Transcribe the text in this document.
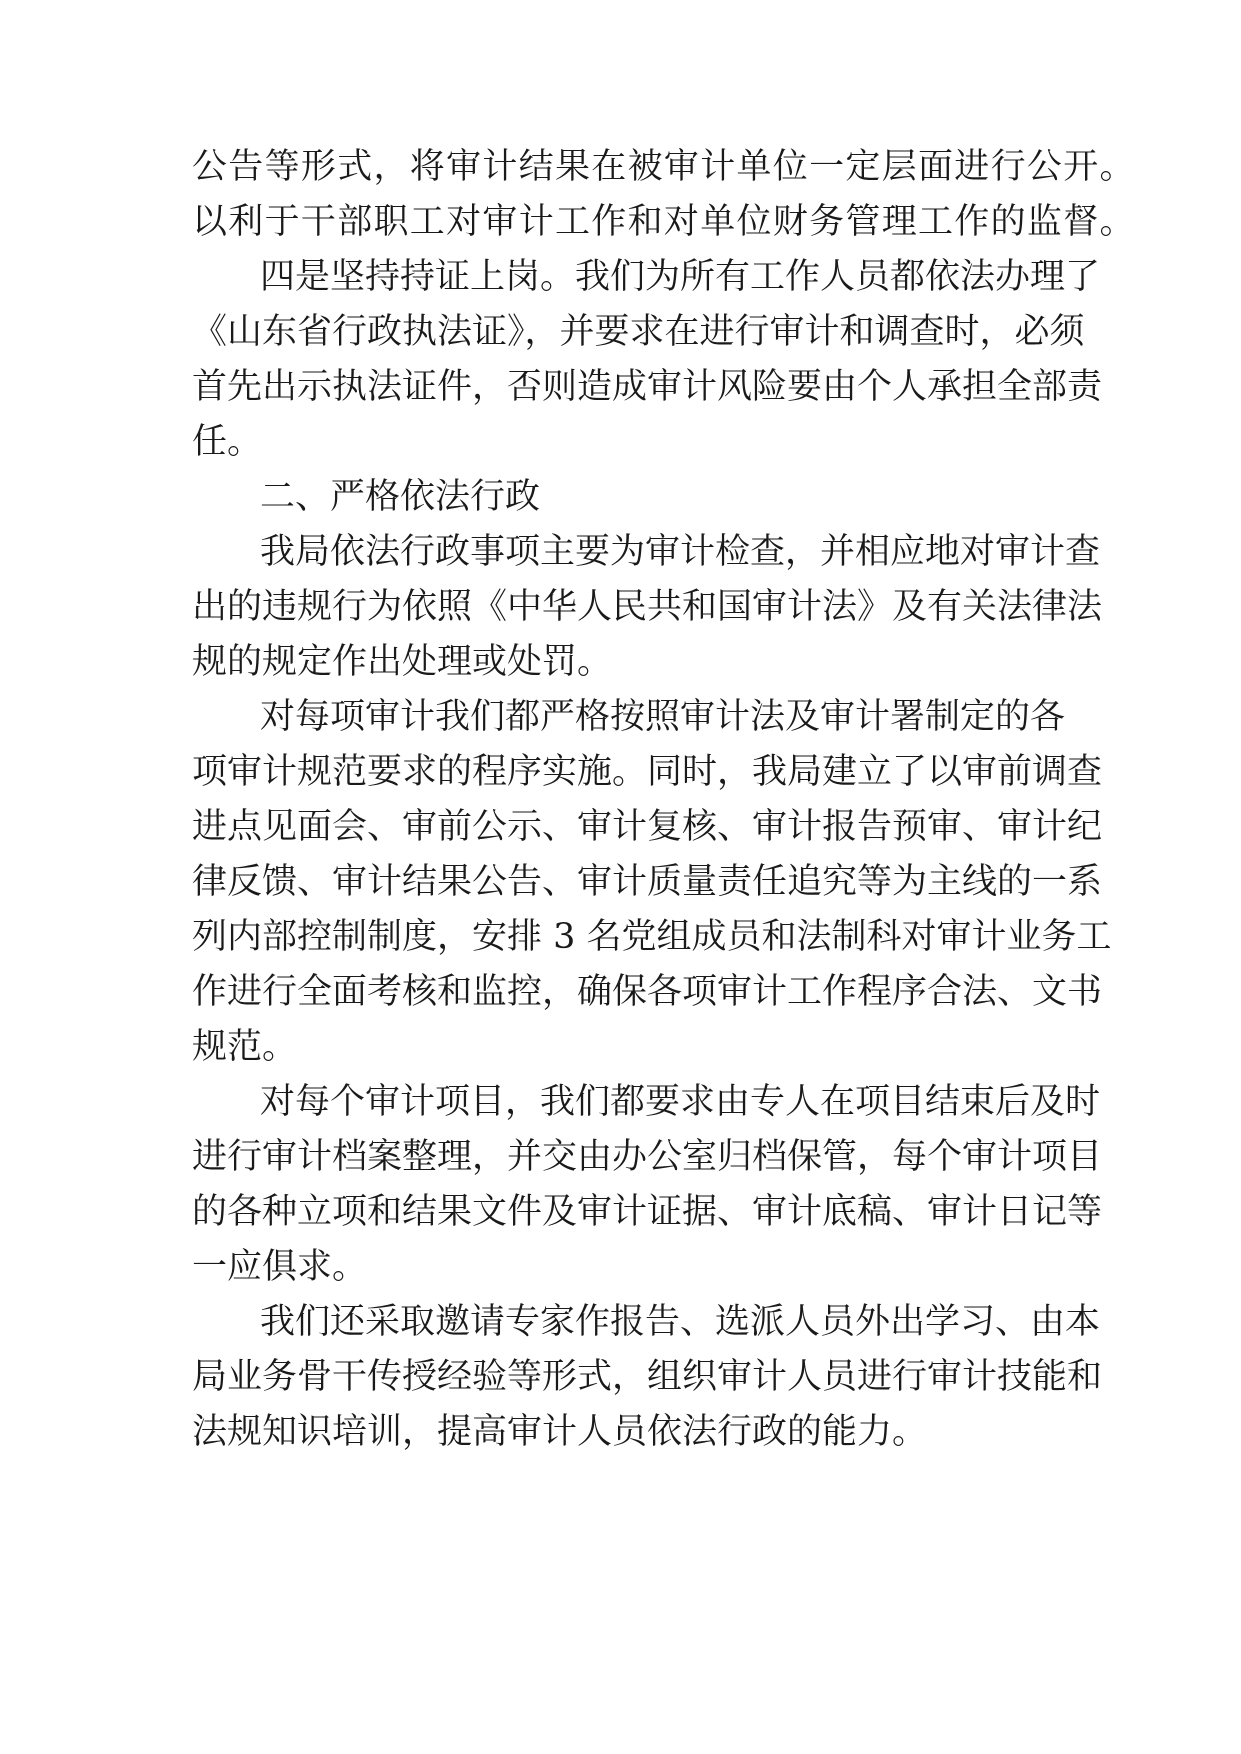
公告等形式，将审计结果在被审计单位一定层面进行公开。
以利于干部职工对审计工作和对单位财务管理工作的监督。
四是坚持持证上岗。我们为所有工作人员都依法办理了
《山东省行政执法证》，并要求在进行审计和调查时，必须
首先出示执法证件，否则造成审计风险要由个人承担全部责
任。
二、严格依法行政
我局依法行政事项主要为审计检查，并相应地对审计查
出的违规行为依照《中华人民共和国审计法》及有关法律法
规的规定作出处理或处罚。
对每项审计我们都严格按照审计法及审计署制定的各
项审计规范要求的程序实施。同时，我局建立了以审前调查
进点见面会、审前公示、审计复核、审计报告预审、审计纪
律反馈、审计结果公告、审计质量责任追究等为主线的一系
列内部控制制度，安排 3 名党组成员和法制科对审计业务工
作进行全面考核和监控，确保各项审计工作程序合法、文书
规范。
对每个审计项目，我们都要求由专人在项目结束后及时
进行审计档案整理，并交由办公室归档保管，每个审计项目
的各种立项和结果文件及审计证据、审计底稿、审计日记等
一应俱求。
我们还采取邀请专家作报告、选派人员外出学习、由本
局业务骨干传授经验等形式，组织审计人员进行审计技能和
法规知识培训，提高审计人员依法行政的能力。
